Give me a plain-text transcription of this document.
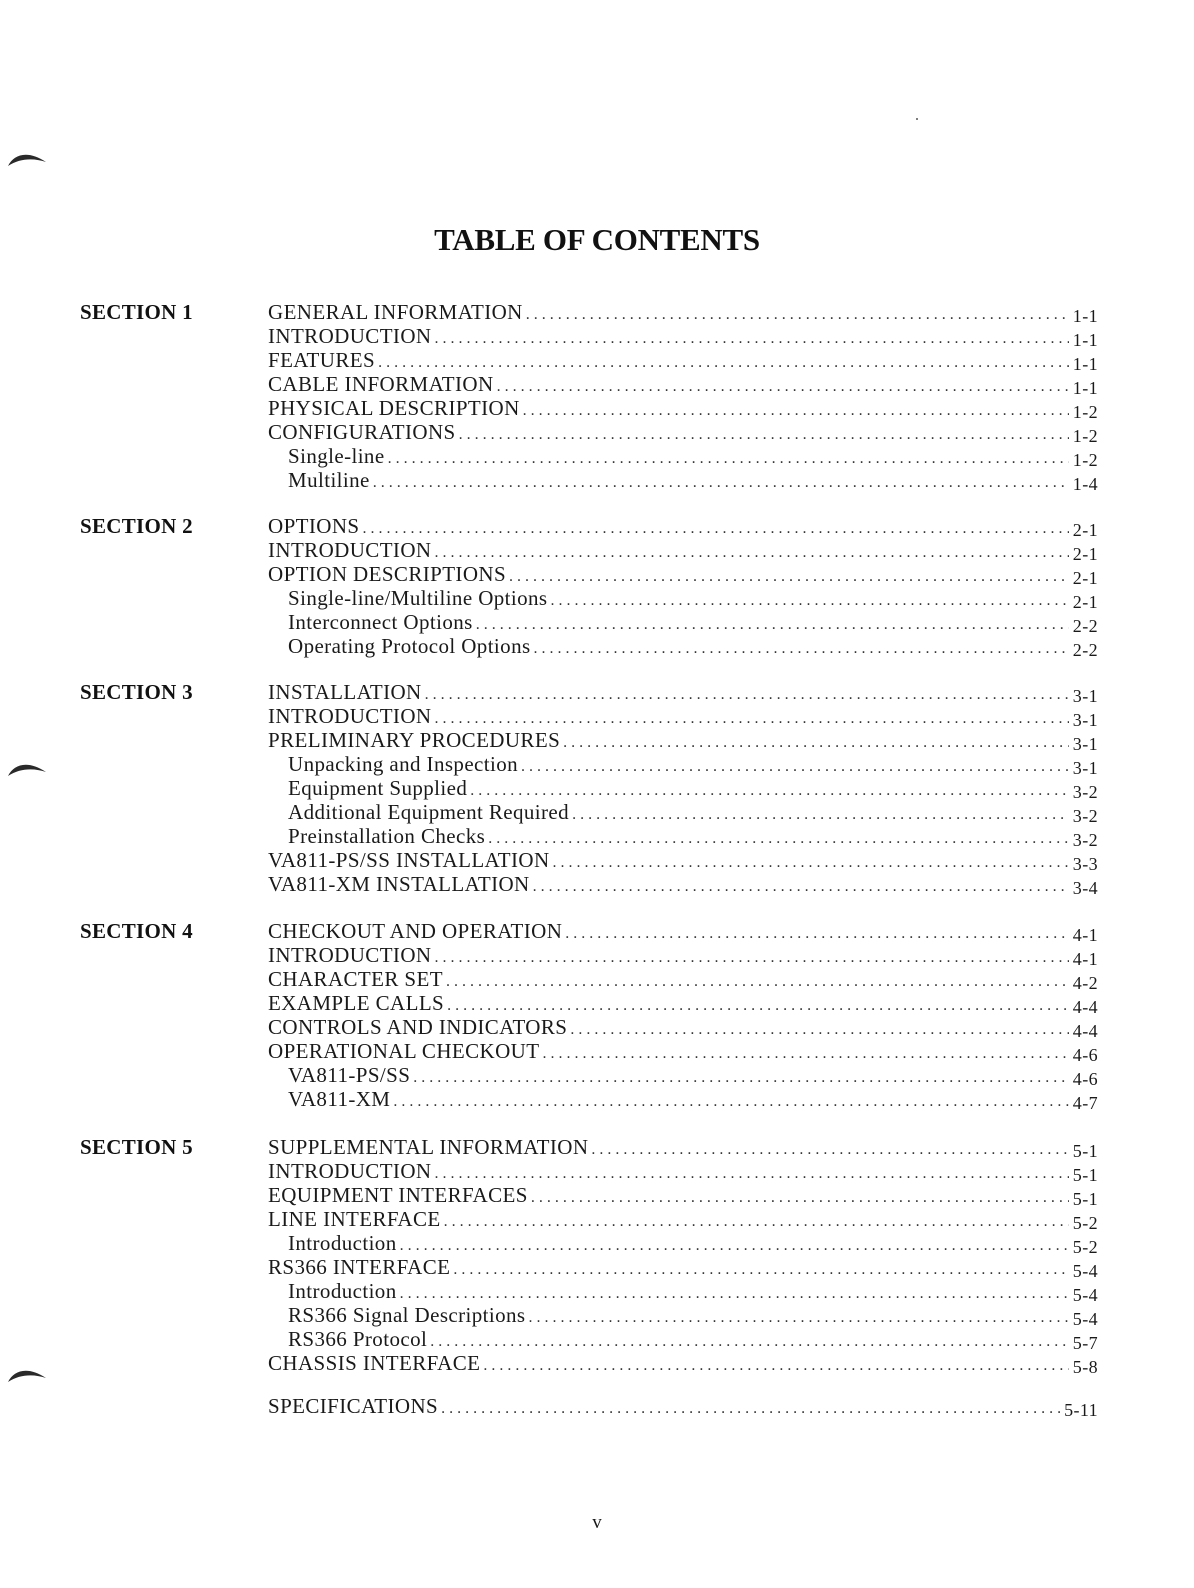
TABLE OF CONTENTS
SECTION 1	GENERAL INFORMATION . . .	1-1
INTRODUCTION . . .	1-1
FEATURES . . .	1-1
CABLE INFORMATION . . .	1-1
PHYSICAL DESCRIPTION . . .	1-2
CONFIGURATIONS . . .	1-2
Single-line . . .	1-2
Multiline . . .	1-4
SECTION 2	OPTIONS . . .	2-1
INTRODUCTION . . .	2-1
OPTION DESCRIPTIONS . . .	2-1
Single-line/Multiline Options . . .	2-1
Interconnect Options . . .	2-2
Operating Protocol Options . . .	2-2
SECTION 3	INSTALLATION . . .	3-1
INTRODUCTION . . .	3-1
PRELIMINARY PROCEDURES . . .	3-1
Unpacking and Inspection . . .	3-1
Equipment Supplied . . .	3-2
Additional Equipment Required . . .	3-2
Preinstallation Checks . . .	3-2
VA811-PS/SS INSTALLATION . . .	3-3
VA811-XM INSTALLATION . . .	3-4
SECTION 4	CHECKOUT AND OPERATION . . .	4-1
INTRODUCTION . . .	4-1
CHARACTER SET . . .	4-2
EXAMPLE CALLS . . .	4-4
CONTROLS AND INDICATORS . . .	4-4
OPERATIONAL CHECKOUT . . .	4-6
VA811-PS/SS . . .	4-6
VA811-XM . . .	4-7
SECTION 5	SUPPLEMENTAL INFORMATION . . .	5-1
INTRODUCTION . . .	5-1
EQUIPMENT INTERFACES . . .	5-1
LINE INTERFACE . . .	5-2
Introduction . . .	5-2
RS366 INTERFACE . . .	5-4
Introduction . . .	5-4
RS366 Signal Descriptions . . .	5-4
RS366 Protocol . . .	5-7
CHASSIS INTERFACE . . .	5-8
SPECIFICATIONS . . .	5-11
v
